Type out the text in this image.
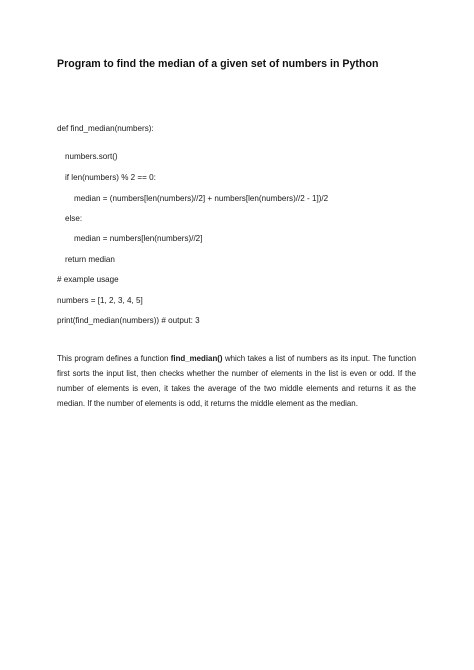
Program to find the median of a given set of numbers in Python
def find_median(numbers):
numbers.sort()
if len(numbers) % 2 == 0:
median = (numbers[len(numbers)//2] + numbers[len(numbers)//2 - 1])/2
else:
median = numbers[len(numbers)//2]
return median
# example usage
numbers = [1, 2, 3, 4, 5]
print(find_median(numbers)) # output: 3
This program defines a function find_median() which takes a list of numbers as its input. The function first sorts the input list, then checks whether the number of elements in the list is even or odd. If the number of elements is even, it takes the average of the two middle elements and returns it as the median. If the number of elements is odd, it returns the middle element as the median.
